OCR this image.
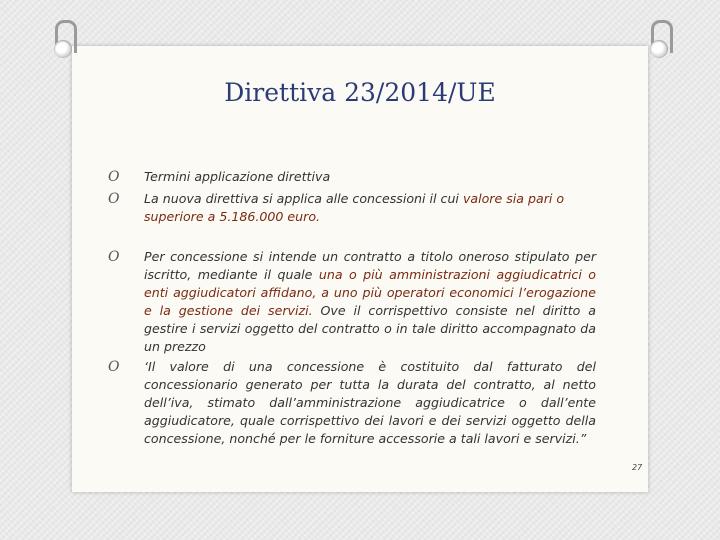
Direttiva 23/2014/UE
O Termini applicazione direttiva
O La nuova direttiva si applica alle concessioni il cui valore sia pari o superiore a 5.186.000 euro.
O Per concessione si intende un contratto a titolo oneroso stipulato per iscritto, mediante il quale una o più amministrazioni aggiudicatrici o enti aggiudicatori affidano, a uno più operatori economici l’erogazione e la gestione dei servizi. Ove il corrispettivo consiste nel diritto a gestire i servizi oggetto del contratto o in tale diritto accompagnato da un prezzo
O ‘Il valore di una concessione è costituito dal fatturato del concessionario generato per tutta la durata del contratto, al netto dell’iva, stimato dall’amministrazione aggiudicatrice o dall’ente aggiudicatore, quale corrispettivo dei lavori e dei servizi oggetto della concessione, nonché per le forniture accessorie a tali lavori e servizi.”
27
